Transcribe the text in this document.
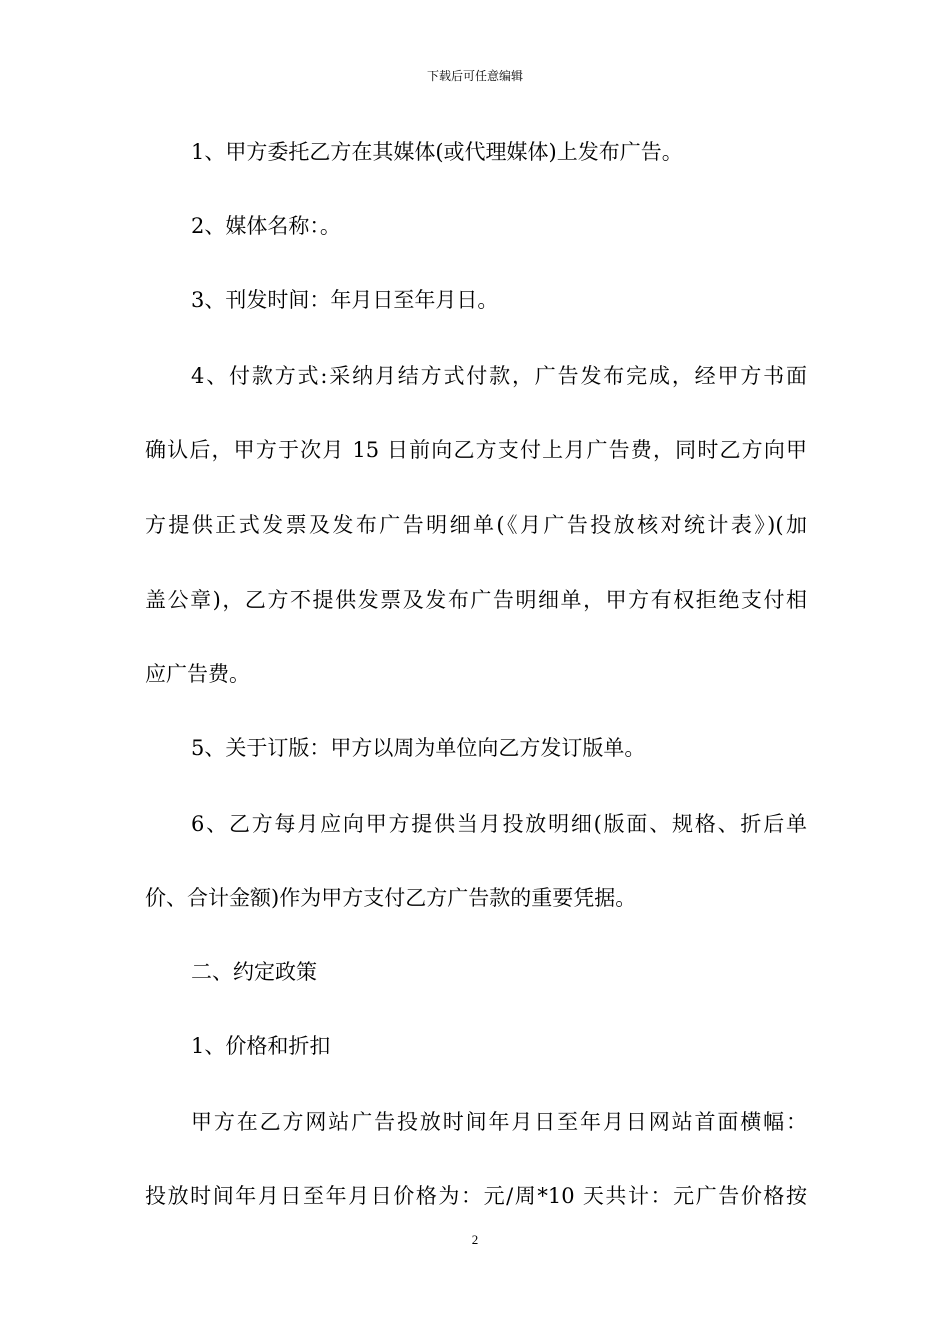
下载后可任意编辑
1、甲方委托乙方在其媒体(或代理媒体)上发布广告。
2、媒体名称：。
3、刊发时间：年月日至年月日。
4、付款方式:采纳月结方式付款，广告发布完成，经甲方书面
确认后，甲方于次月 15 日前向乙方支付上月广告费，同时乙方向甲
方提供正式发票及发布广告明细单(《月广告投放核对统计表》)(加
盖公章)，乙方不提供发票及发布广告明细单，甲方有权拒绝支付相
应广告费。
5、关于订版：甲方以周为单位向乙方发订版单。
6、乙方每月应向甲方提供当月投放明细(版面、规格、折后单
价、合计金额)作为甲方支付乙方广告款的重要凭据。
二、约定政策
1、价格和折扣
甲方在乙方网站广告投放时间年月日至年月日网站首面横幅：
投放时间年月日至年月日价格为：元/周*10 天共计：元广告价格按
2
